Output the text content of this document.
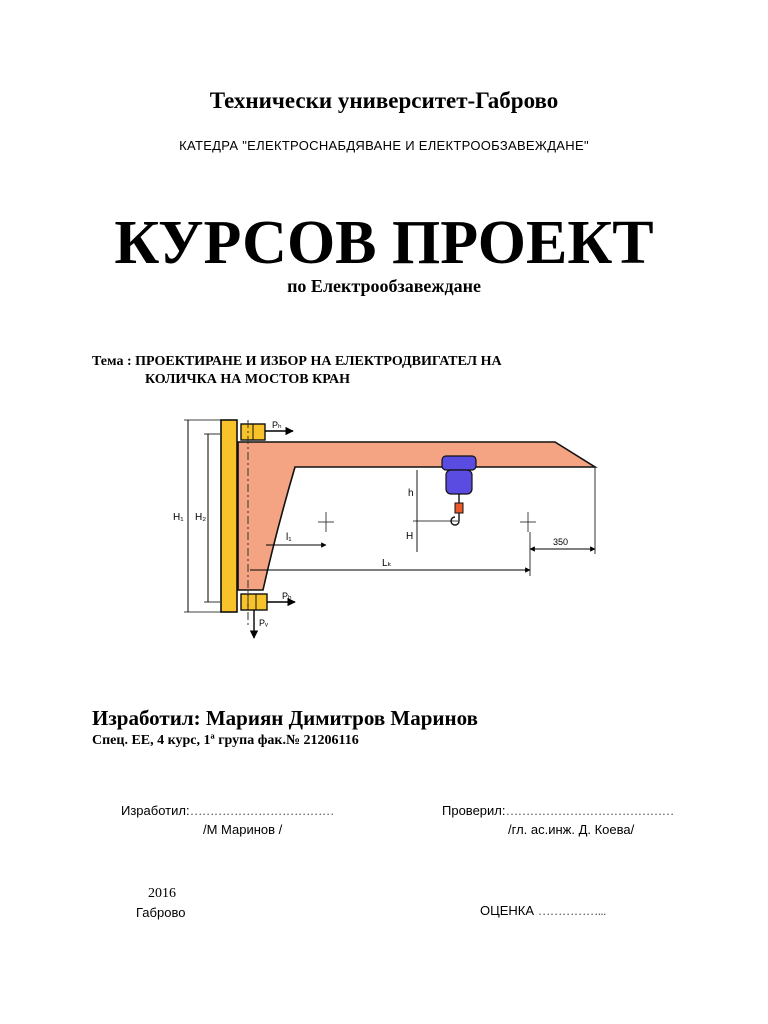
Технически университет-Габрово
КАТЕДРА "ЕЛЕКТРОСНАБДЯВАНЕ И ЕЛЕКТРООБЗАВЕЖДАНЕ"
КУРСОВ ПРОЕКТ
по Електрообзавеждане
Тема : ПРОЕКТИРАНЕ И ИЗБОР НА ЕЛЕКТРОДВИГАТЕЛ НА
КОЛИЧКА НА МОСТОВ КРАН
Pₕ
Pₕ
Pᵥ
H₁ H₂
h
H
l₁
Lₖ
350
Изработил: Мариян Димитров Маринов
Спец. ЕЕ, 4 курс, 1ª група фак.№ 21206116
Изработил:………………………………	Проверил:……………………………………
/М Маринов /	/гл. ас.инж. Д. Коева/
2016
Габрово	ОЦЕНКА ……………...
